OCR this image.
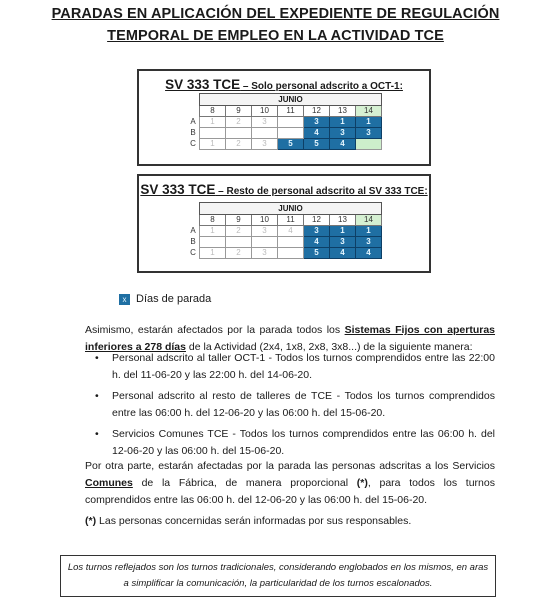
PARADAS EN APLICACIÓN DEL EXPEDIENTE DE REGULACIÓN
TEMPORAL DE EMPLEO EN LA ACTIVIDAD TCE
SV 333 TCE – Solo personal adscrito a OCT-1:
	JUNIO						
	8	9	10	11	12	13	14
A	1	2	3		3	1	1
B					4	3	3
C	1	2	3	5	5	4	
SV 333 TCE – Resto de personal adscrito al SV 333 TCE:
	JUNIO						
	8	9	10	11	12	13	14
A	1	2	3	4	3	1	1
B					4	3	3
C	1	2	3		5	4	4
x Días de parada
Asimismo, estarán afectados por la parada todos los Sistemas Fijos con aperturas inferiores a 278 días de la Actividad (2x4, 1x8, 2x8, 3x8...) de la siguiente manera:
• Personal adscrito al taller OCT-1 - Todos los turnos comprendidos entre las 22:00 h. del 11-06-20 y las 22:00 h. del 14-06-20.
• Personal adscrito al resto de talleres de TCE - Todos los turnos comprendidos entre las 06:00 h. del 12-06-20 y las 06:00 h. del 15-06-20.
• Servicios Comunes TCE - Todos los turnos comprendidos entre las 06:00 h. del 12-06-20 y las 06:00 h. del 15-06-20.
Por otra parte, estarán afectadas por la parada las personas adscritas a los Servicios Comunes de la Fábrica, de manera proporcional (*), para todos los turnos comprendidos entre las 06:00 h. del 12-06-20 y las 06:00 h. del 15-06-20.
(*) Las personas concernidas serán informadas por sus responsables.
Los turnos reflejados son los turnos tradicionales, considerando englobados en los mismos, en aras a simplificar la comunicación, la particularidad de los turnos escalonados.
